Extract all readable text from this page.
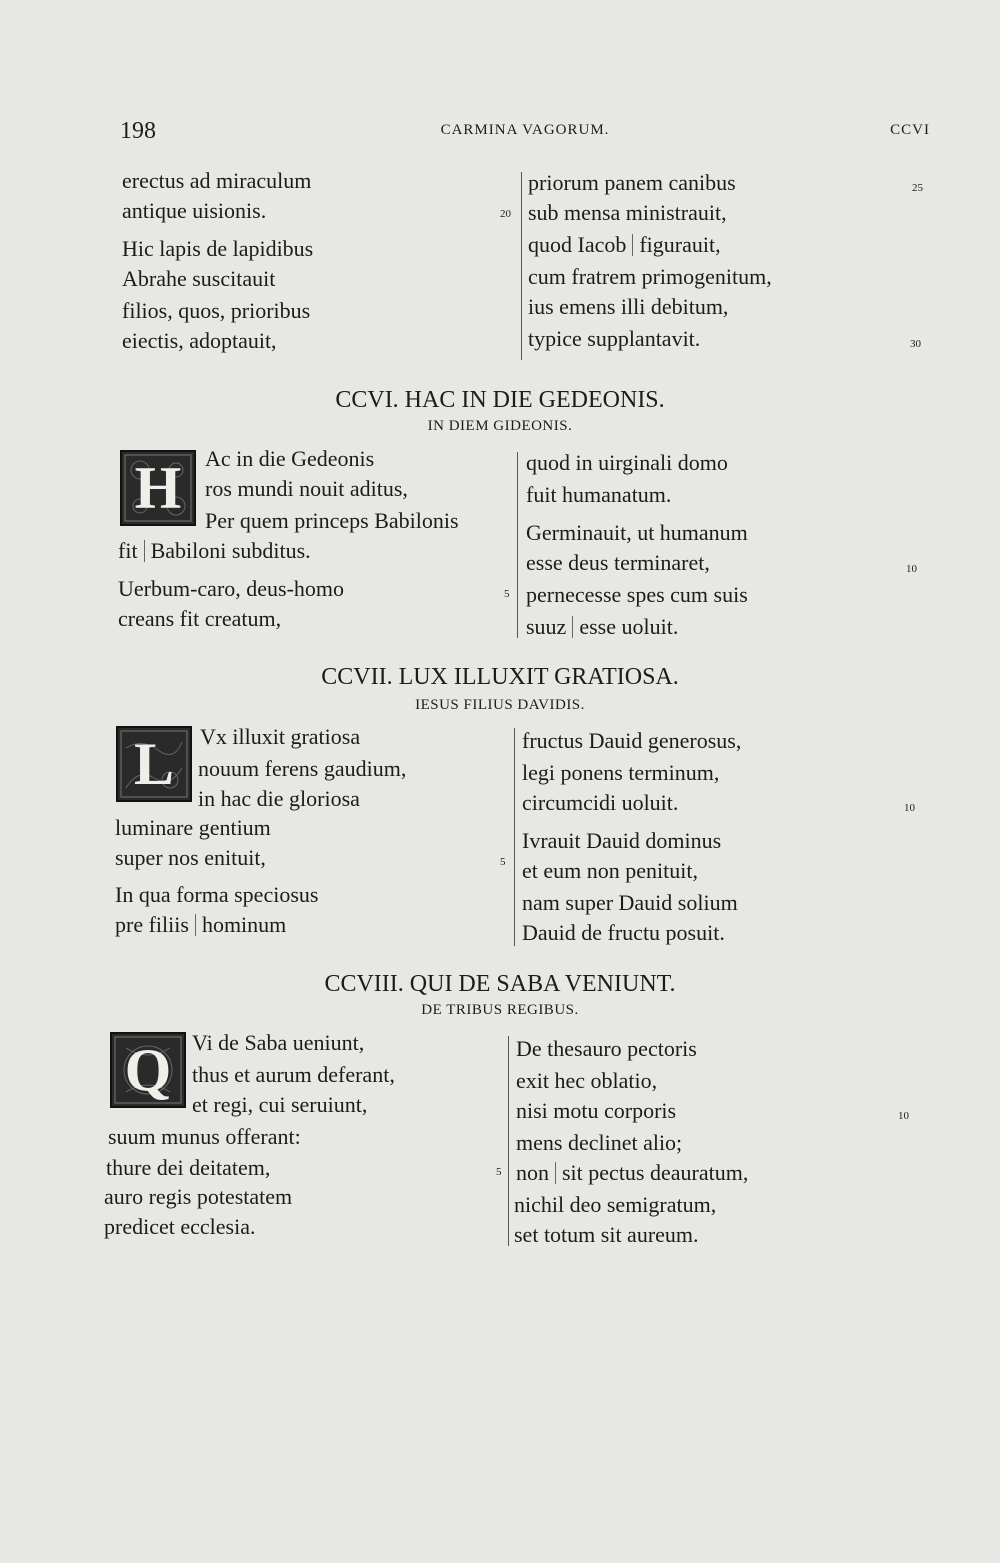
198	CARMINA VAGORUM.	CCVI
erectus ad miraculum
antique uisionis.	20
Hic lapis de lapidibus
Abrahe suscitauit
filios, quos, prioribus
eiectis, adoptauit,
priorum panem canibus	25
sub mensa ministrauit,
quod Iacob figurauit,
cum fratrem primogenitum,
ius emens illi debitum,
typice supplantavit.	30
CCVI. HAC IN DIE GEDEONIS.
IN DIEM GIDEONIS.
H	Ac in die Gedeonis
ros mundi nouit aditus,
Per quem princeps Babilonis
fit Babiloni subditus.
Uerbum-caro, deus-homo	5
creans fit creatum,
quod in uirginali domo
fuit humanatum.
Germinauit, ut humanum
esse deus terminaret,	10
pernecesse spes cum suis
suuz esse uoluit.
CCVII. LUX ILLUXIT GRATIOSA.
IESUS FILIUS DAVIDIS.
L	Vx illuxit gratiosa
nouum ferens gaudium,
in hac die gloriosa
luminare gentium
super nos enituit,	5
In qua forma speciosus
pre filiis hominum
fructus Dauid generosus,
legi ponens terminum,
circumcidi uoluit.	10
Ivrauit Dauid dominus
et eum non penituit,
nam super Dauid solium
Dauid de fructu posuit.
CCVIII. QUI DE SABA VENIUNT.
DE TRIBUS REGIBUS.
Q Vi de Saba ueniunt,
thus et aurum deferant,
et regi, cui seruiunt,
suum munus offerant:
thure dei deitatem,	5
auro regis potestatem
predicet ecclesia.
De thesauro pectoris
exit hec oblatio,
nisi motu corporis	10
mens declinet alio;
non sit pectus deauratum,
nichil deo semigratum,
set totum sit aureum.
